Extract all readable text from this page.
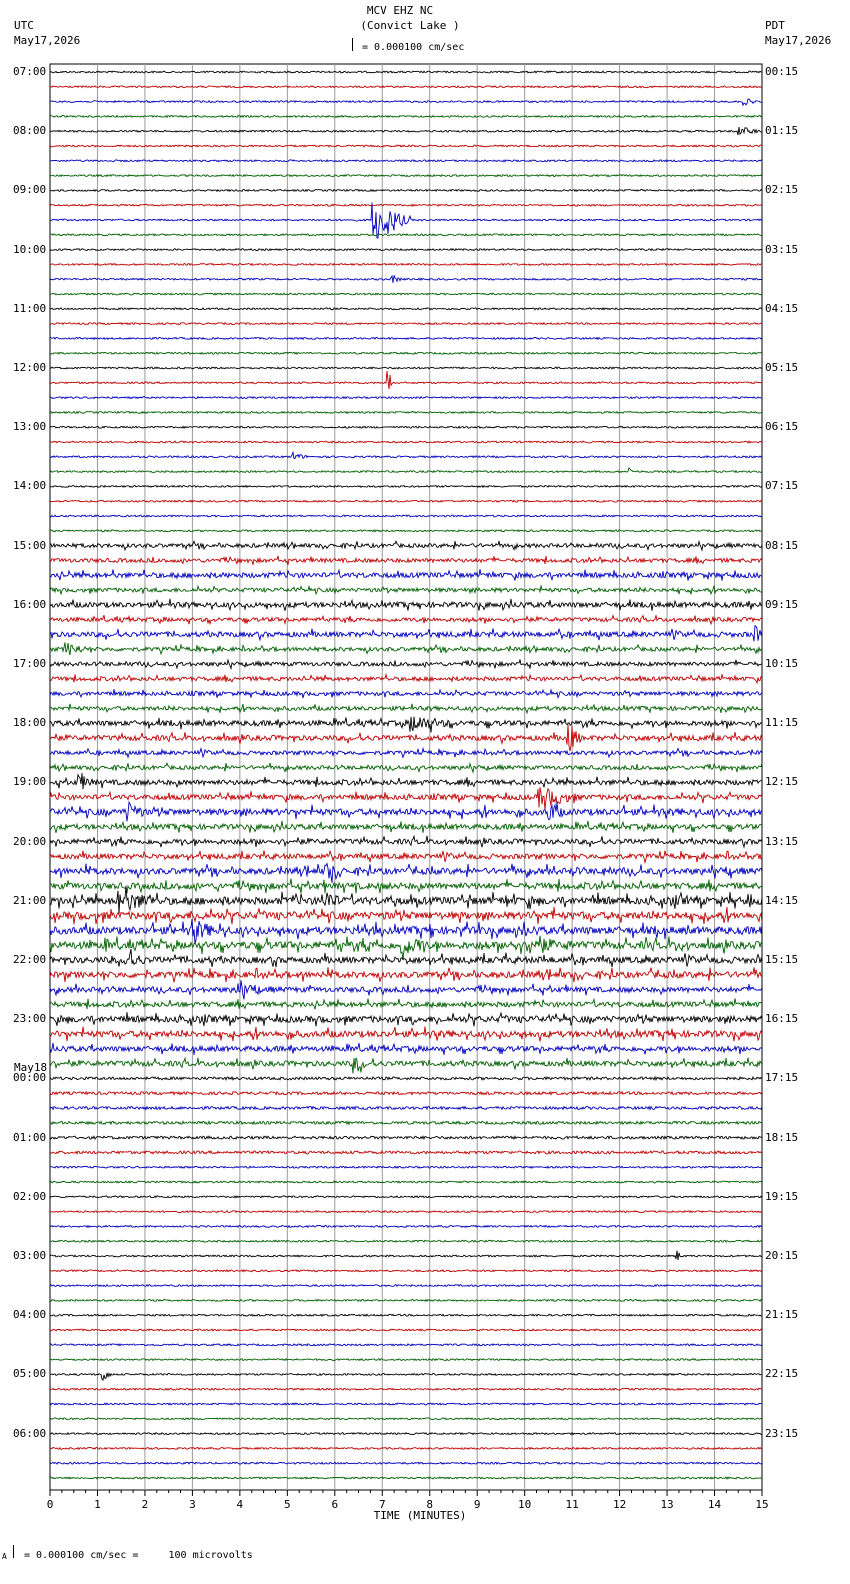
0	1	2	3	4	5	6	7	8	9	10	11	12	13	14	15
MCV EHZ NC
(Convict Lake )
= 0.000100 cm/sec
UTC
May17,2026
PDT
May17,2026
07:00
08:00
09:00
10:00
11:00
12:00
13:00
14:00
15:00
16:00
17:00
18:00
19:00
20:00
21:00
22:00
23:00
00:00
01:00
02:00
03:00
04:00
05:00
06:00
00:15
01:15
02:15
03:15
04:15
05:15
06:15
07:15
08:15
09:15
10:15
11:15
12:15
13:15
14:15
15:15
16:15
17:15
18:15
19:15
20:15
21:15
22:15
23:15
May18
TIME (MINUTES)
A = 0.000100 cm/sec =     100 microvolts
